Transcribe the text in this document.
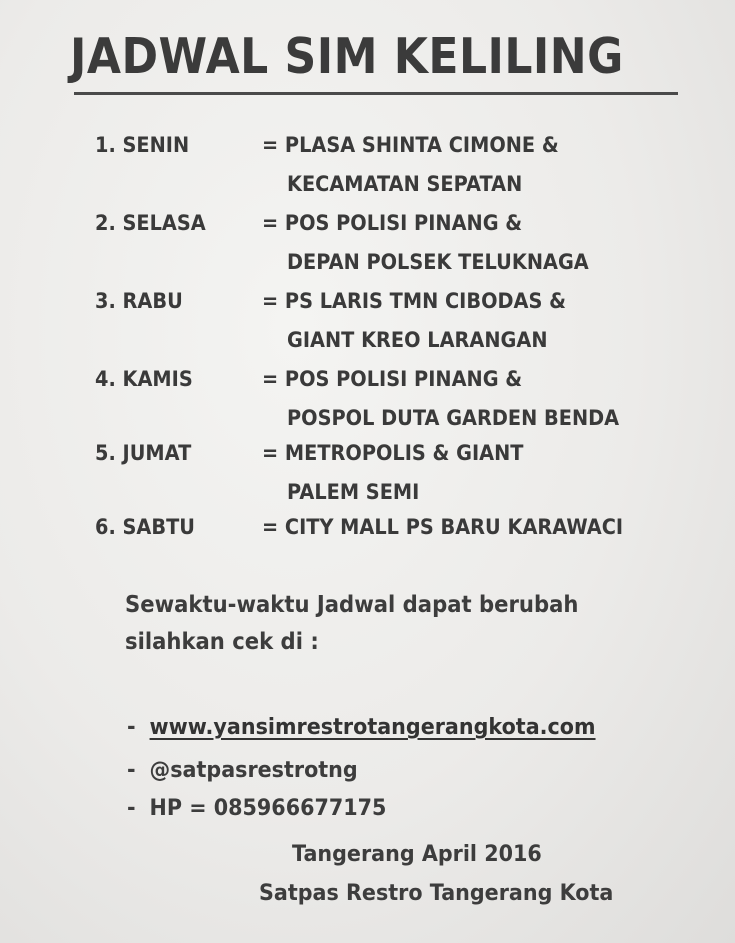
JADWAL SIM KELILING
1. SENIN	= PLASA SHINTA CIMONE &
KECAMATAN SEPATAN
2. SELASA	= POS POLISI PINANG &
DEPAN POLSEK TELUKNAGA
3. RABU	= PS LARIS TMN CIBODAS &
GIANT KREO LARANGAN
4. KAMIS	= POS POLISI PINANG &
POSPOL DUTA GARDEN BENDA
5. JUMAT	= METROPOLIS & GIANT
PALEM SEMI
6. SABTU	= CITY MALL PS BARU KARAWACI
Sewaktu-waktu Jadwal dapat berubah
silahkan cek di :
- www.yansimrestrotangerangkota.com
- @satpasrestrotng
- HP = 085966677175
Tangerang April 2016
Satpas Restro Tangerang Kota
